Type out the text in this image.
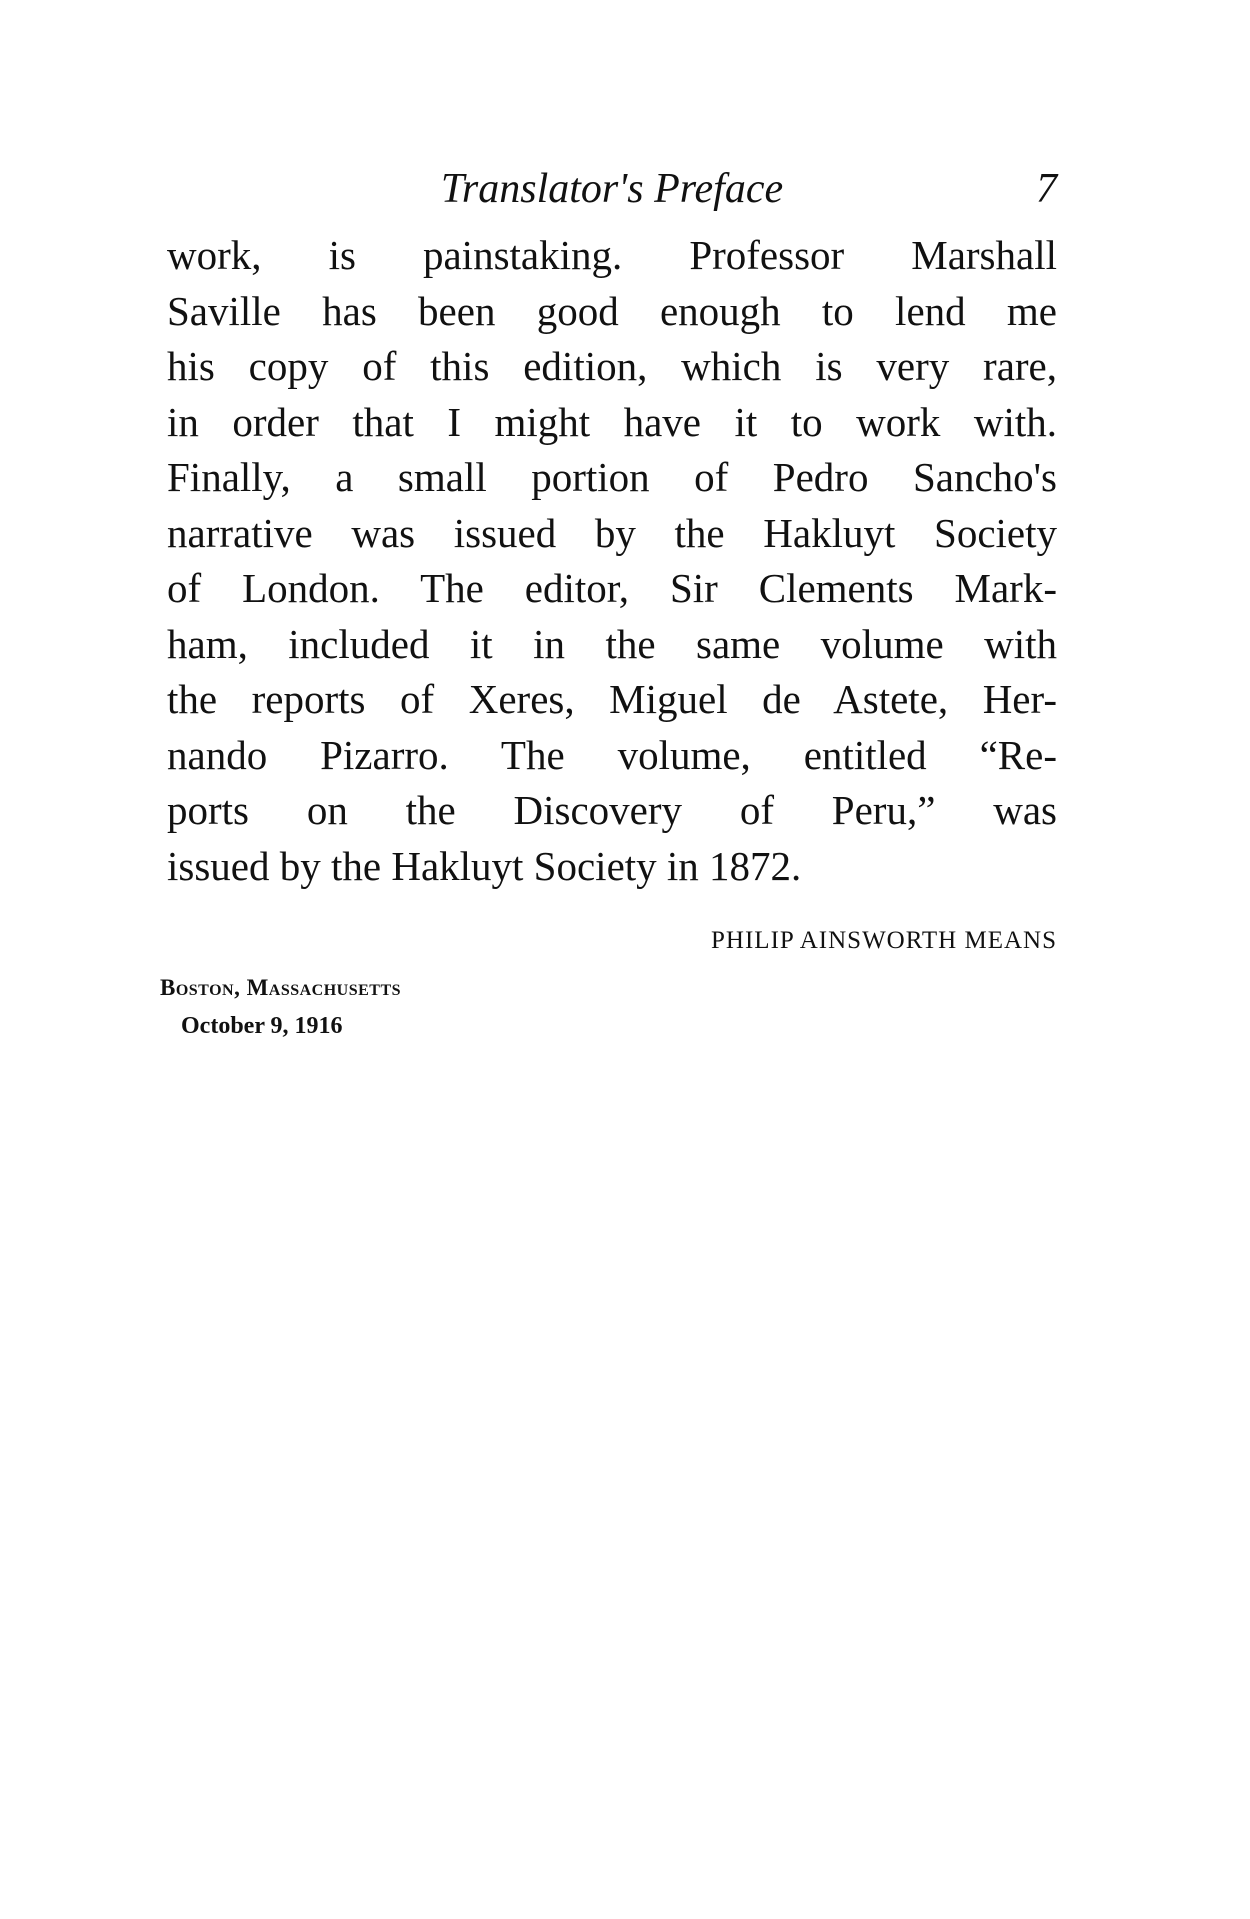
Translator's Preface	7
work, is painstaking. Professor Marshall
Saville has been good enough to lend me
his copy of this edition, which is very rare,
in order that I might have it to work with.
Finally, a small portion of Pedro Sancho's
narrative was issued by the Hakluyt Society
of London. The editor, Sir Clements Mark-
ham, included it in the same volume with
the reports of Xeres, Miguel de Astete, Her-
nando Pizarro. The volume, entitled “Re-
ports on the Discovery of Peru,” was
issued by the Hakluyt Society in 1872.
PHILIP AINSWORTH MEANS
Boston, Massachusetts
October 9, 1916
